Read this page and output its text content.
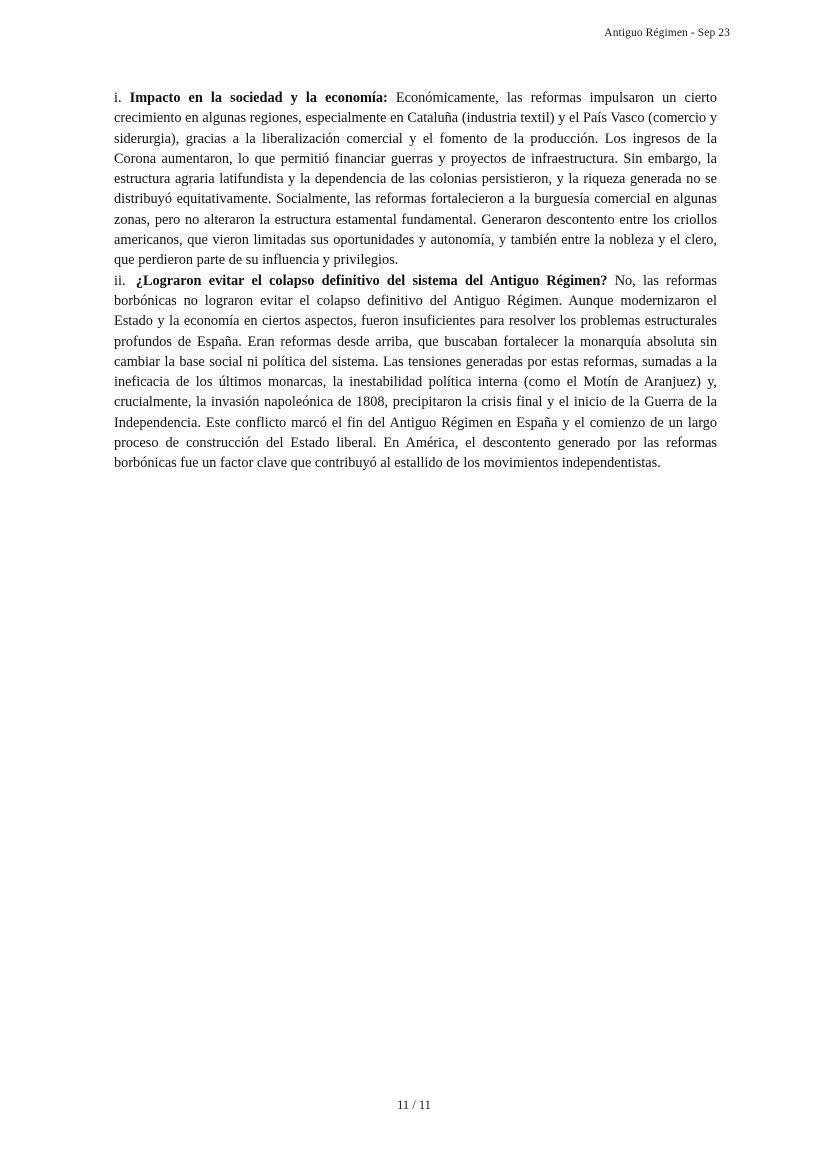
Antiguo Régimen - Sep 23

i. Impacto en la sociedad y la economía: Económicamente, las reformas impulsaron un cierto crecimiento en algunas regiones, especialmente en Cataluña (industria textil) y el País Vasco (comercio y siderurgia), gracias a la liberalización comercial y el fomento de la producción. Los ingresos de la Corona aumentaron, lo que permitió financiar guerras y proyectos de infraestructura. Sin embargo, la estructura agraria latifundista y la dependencia de las colonias persistieron, y la riqueza generada no se distribuyó equitativamente. Socialmente, las reformas fortalecieron a la burguesía comercial en algunas zonas, pero no alteraron la estructura estamental fundamental. Generaron descontento entre los criollos americanos, que vieron limitadas sus oportunidades y autonomía, y también entre la nobleza y el clero, que perdieron parte de su influencia y privilegios.

ii. ¿Lograron evitar el colapso definitivo del sistema del Antiguo Régimen? No, las reformas borbónicas no lograron evitar el colapso definitivo del Antiguo Régimen. Aunque modernizaron el Estado y la economía en ciertos aspectos, fueron insuficientes para resolver los problemas estructurales profundos de España. Eran reformas desde arriba, que buscaban fortalecer la monarquía absoluta sin cambiar la base social ni política del sistema. Las tensiones generadas por estas reformas, sumadas a la ineficacia de los últimos monarcas, la inestabilidad política interna (como el Motín de Aranjuez) y, crucialmente, la invasión napoleónica de 1808, precipitaron la crisis final y el inicio de la Guerra de la Independencia. Este conflicto marcó el fin del Antiguo Régimen en España y el comienzo de un largo proceso de construcción del Estado liberal. En América, el descontento generado por las reformas borbónicas fue un factor clave que contribuyó al estallido de los movimientos independentistas.

11 / 11
